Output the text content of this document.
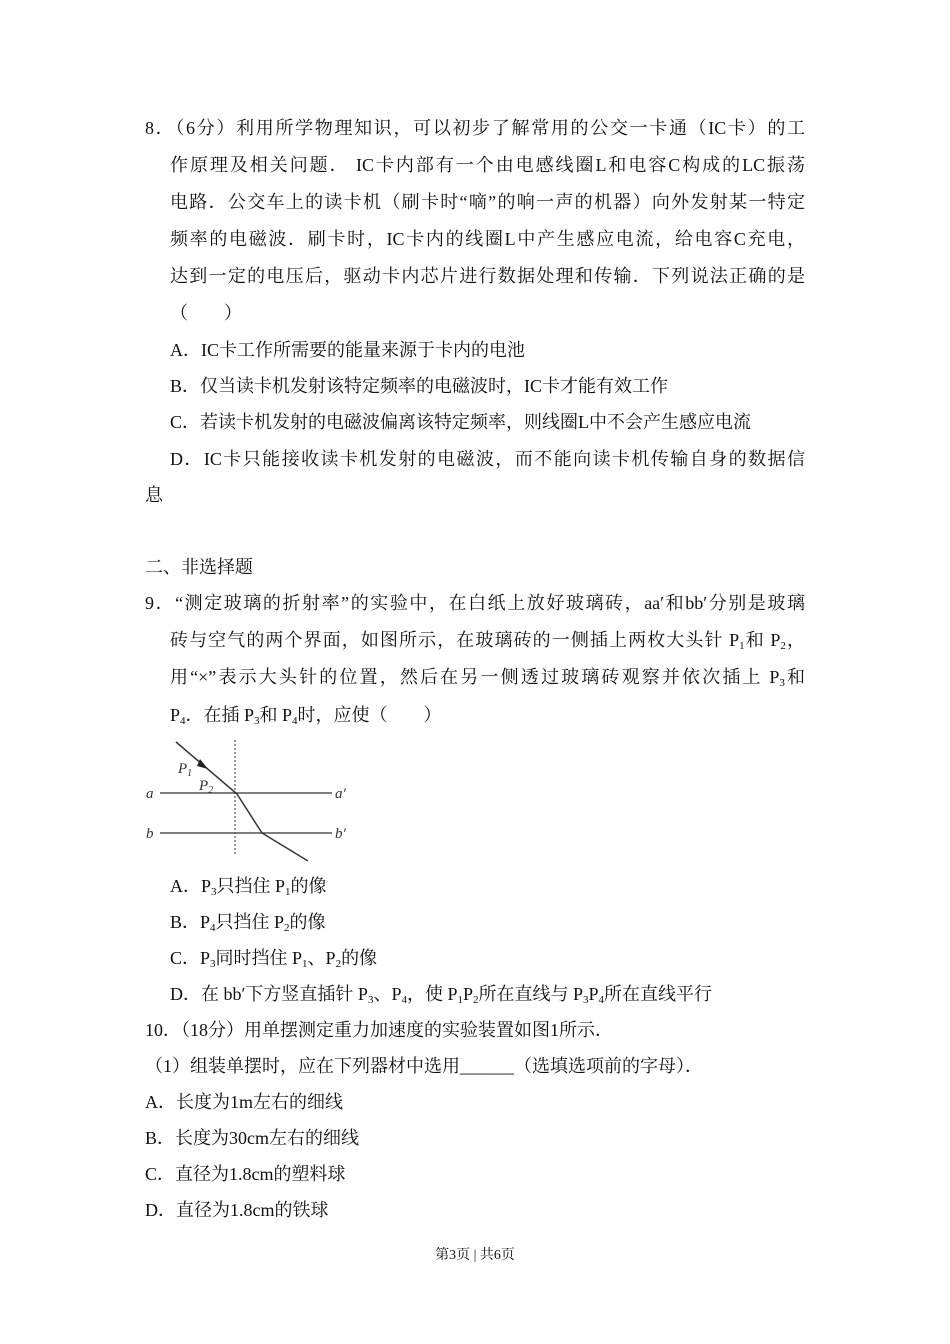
8．（6分）利用所学物理知识，可以初步了解常用的公交一卡通（IC卡）的工
作原理及相关问题． IC卡内部有一个由电感线圈L和电容C构成的LC振荡
电路．公交车上的读卡机（刷卡时“嘀”的响一声的机器）向外发射某一特定
频率的电磁波．刷卡时，IC卡内的线圈L中产生感应电流，给电容C充电，
达到一定的电压后，驱动卡内芯片进行数据处理和传输．下列说法正确的是
（　　）
A．IC卡工作所需要的能量来源于卡内的电池
B．仅当读卡机发射该特定频率的电磁波时，IC卡才能有效工作
C．若读卡机发射的电磁波偏离该特定频率，则线圈L中不会产生感应电流
D．IC卡只能接收读卡机发射的电磁波，而不能向读卡机传输自身的数据信
息
二、非选择题
9．“测定玻璃的折射率”的实验中，在白纸上放好玻璃砖，aa′和bb′分别是玻璃
砖与空气的两个界面，如图所示，在玻璃砖的一侧插上两枚大头针 $P_1$和 $P_2$，
用“×”表示大头针的位置，然后在另一侧透过玻璃砖观察并依次插上 $P_3$和
$P_4$．在插 $P_3$和 $P_4$时，应使（　　）
A．$P_3$只挡住 $P_1$的像
B．$P_4$只挡住 $P_2$的像
C．$P_3$同时挡住 $P_1$、$P_2$的像
D．在 bb′下方竖直插针 $P_3$、$P_4$，使 $P_1P_2$所在直线与 $P_3P_4$所在直线平行
10．（18分）用单摆测定重力加速度的实验装置如图1所示．
（1）组装单摆时，应在下列器材中选用______（选填选项前的字母）．
A．长度为1m左右的细线
B．长度为30cm左右的细线
C．直径为1.8cm的塑料球
D．直径为1.8cm的铁球
$P_1$
$P_2$
a	a′
b	b′
第3页 | 共6页
